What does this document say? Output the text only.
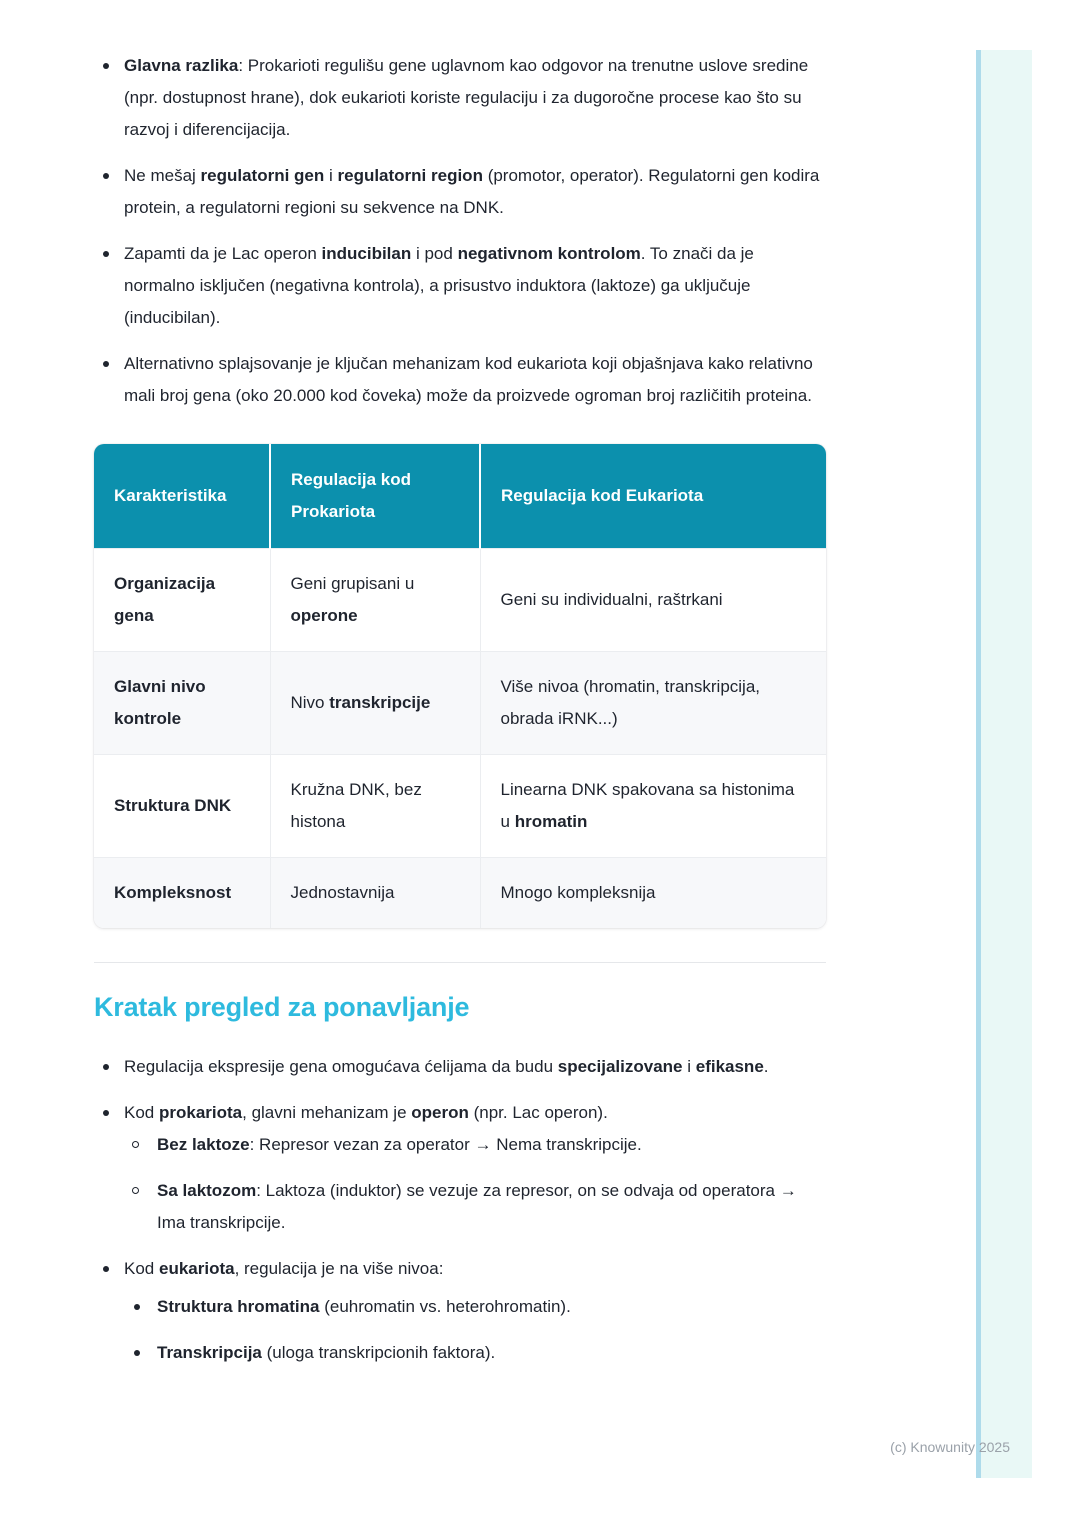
Glavna razlika: Prokarioti regulišu gene uglavnom kao odgovor na trenutne uslove sredine (npr. dostupnost hrane), dok eukarioti koriste regulaciju i za dugoročne procese kao što su razvoj i diferencijacija.

Ne mešaj regulatorni gen i regulatorni region (promotor, operator). Regulatorni gen kodira protein, a regulatorni regioni su sekvence na DNK.

Zapamti da je Lac operon inducibilan i pod negativnom kontrolom. To znači da je normalno isključen (negativna kontrola), a prisustvo induktora (laktoze) ga uključuje (inducibilan).

Alternativno splajsovanje je ključan mehanizam kod eukariota koji objašnjava kako relativno mali broj gena (oko 20.000 kod čoveka) može da proizvede ogroman broj različitih proteina.

Karakteristika	Regulacija kod Prokariota	Regulacija kod Eukariota
Organizacija gena	Geni grupisani u operone	Geni su individualni, raštrkani
Glavni nivo kontrole	Nivo transkripcije	Više nivoa (hromatin, transkripcija, obrada iRNK...)
Struktura DNK	Kružna DNK, bez histona	Linearna DNK spakovana sa histonima u hromatin
Kompleksnost	Jednostavnija	Mnogo kompleksnija
Kratak pregled za ponavljanje

Regulacija ekspresije gena omogućava ćelijama da budu specijalizovane i efikasne.

Kod prokariota, glavni mehanizam je operon (npr. Lac operon).

Bez laktoze: Represor vezan za operator → Nema transkripcije.

Sa laktozom: Laktoza (induktor) se vezuje za represor, on se odvaja od operatora → Ima transkripcije.

Kod eukariota, regulacija je na više nivoa:

Struktura hromatina (euhromatin vs. heterohromatin).

Transkripcija (uloga transkripcionih faktora).

(c) Knowunity 2025
